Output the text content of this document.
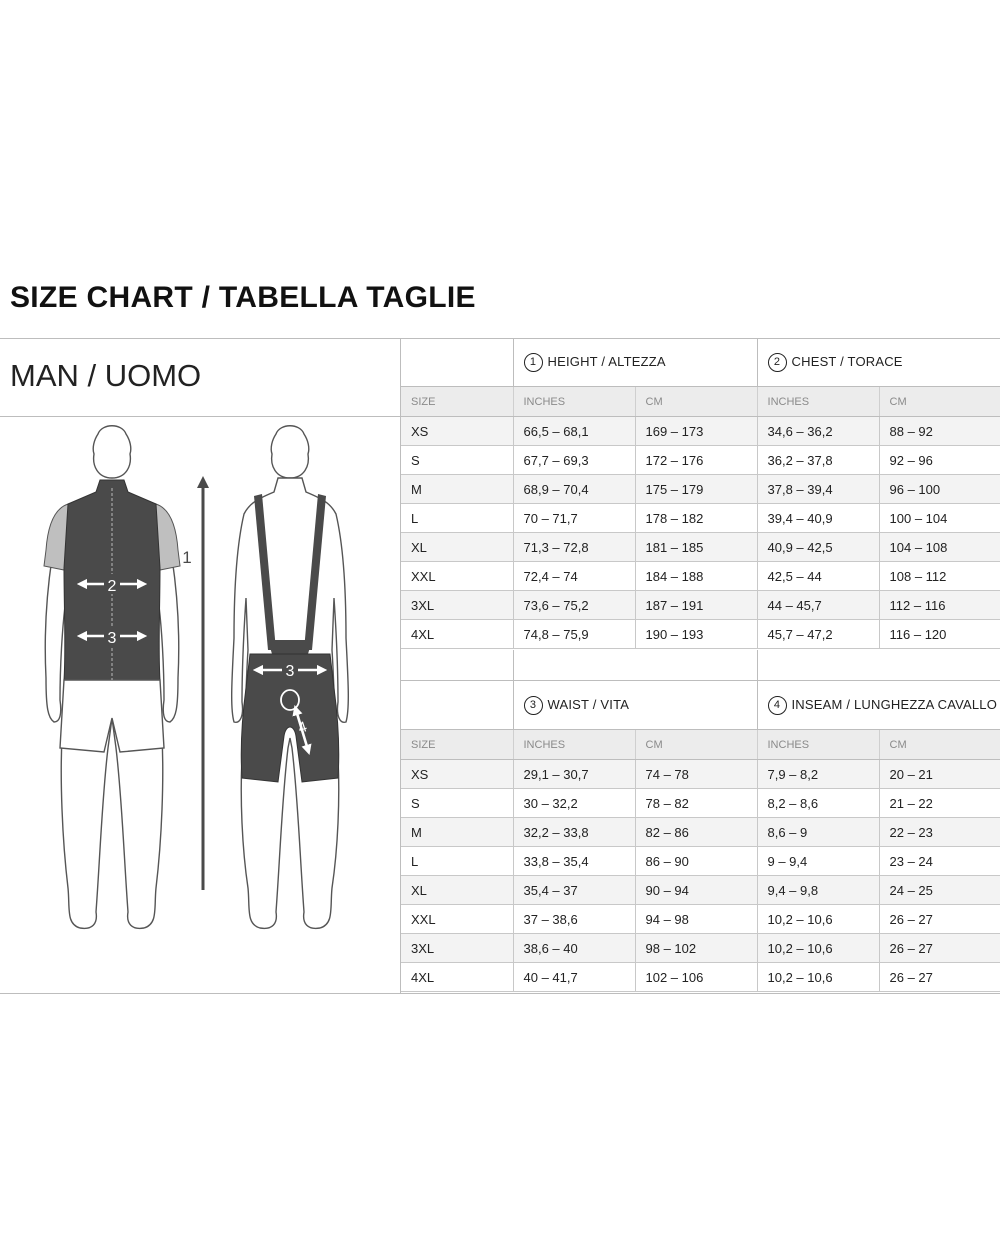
SIZE CHART / TABELLA TAGLIE
MAN / UOMO
2
3
1
3
4
	1 HEIGHT / ALTEZZA		2 CHEST / TORACE	
SIZE	INCHES	CM	INCHES	CM
XS	66,5 – 68,1	169 – 173	34,6 – 36,2	88 – 92
S	67,7 – 69,3	172 – 176	36,2 – 37,8	92 – 96
M	68,9 – 70,4	175 – 179	37,8 – 39,4	96 – 100
L	70 – 71,7	178 – 182	39,4 – 40,9	100 – 104
XL	71,3 – 72,8	181 – 185	40,9 – 42,5	104 – 108
XXL	72,4 – 74	184 – 188	42,5 – 44	108 – 112
3XL	73,6 – 75,2	187 – 191	44 – 45,7	112 – 116
4XL	74,8 – 75,9	190 – 193	45,7 – 47,2	116 – 120

	3 WAIST / VITA		4 INSEAM / LUNGHEZZA CAVALLO	
SIZE	INCHES	CM	INCHES	CM
XS	29,1 – 30,7	74 – 78	7,9 – 8,2	20 – 21
S	30 – 32,2	78 – 82	8,2 – 8,6	21 – 22
M	32,2 – 33,8	82 – 86	8,6 – 9	22 – 23
L	33,8 – 35,4	86 – 90	9 – 9,4	23 – 24
XL	35,4 – 37	90 – 94	9,4 – 9,8	24 – 25
XXL	37 – 38,6	94 – 98	10,2 – 10,6	26 – 27
3XL	38,6 – 40	98 – 102	10,2 – 10,6	26 – 27
4XL	40 – 41,7	102 – 106	10,2 – 10,6	26 – 27
